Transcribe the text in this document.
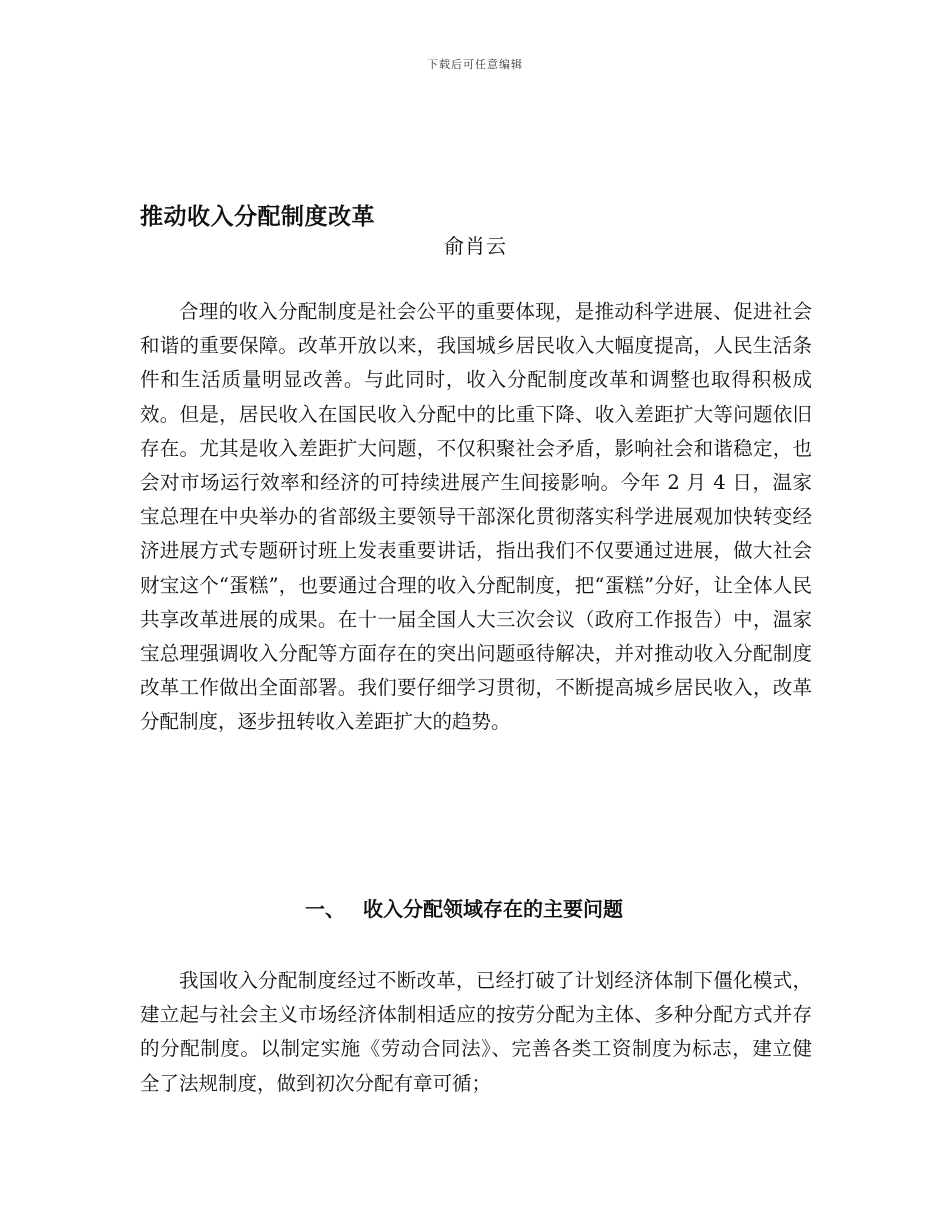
下载后可任意编辑
推动收入分配制度改革
俞肖云

合理的收入分配制度是社会公平的重要体现，是推动科学进展、促进社会和谐的重要保障。改革开放以来，我国城乡居民收入大幅度提高，人民生活条件和生活质量明显改善。与此同时，收入分配制度改革和调整也取得积极成效。但是，居民收入在国民收入分配中的比重下降、收入差距扩大等问题依旧存在。尤其是收入差距扩大问题，不仅积聚社会矛盾，影响社会和谐稳定，也会对市场运行效率和经济的可持续进展产生间接影响。今年 2 月 4 日，温家宝总理在中央举办的省部级主要领导干部深化贯彻落实科学进展观加快转变经济进展方式专题研讨班上发表重要讲话，指出我们不仅要通过进展，做大社会财宝这个“蛋糕”，也要通过合理的收入分配制度，把“蛋糕”分好，让全体人民共享改革进展的成果。在十一届全国人大三次会议（政府工作报告）中，温家宝总理强调收入分配等方面存在的突出问题亟待解决，并对推动收入分配制度改革工作做出全面部署。我们要仔细学习贯彻，不断提高城乡居民收入，改革分配制度，逐步扭转收入差距扩大的趋势。

一、 收入分配领域存在的主要问题

我国收入分配制度经过不断改革，已经打破了计划经济体制下僵化模式，建立起与社会主义市场经济体制相适应的按劳分配为主体、多种分配方式并存的分配制度。以制定实施《劳动合同法》、完善各类工资制度为标志，建立健全了法规制度，做到初次分配有章可循；
